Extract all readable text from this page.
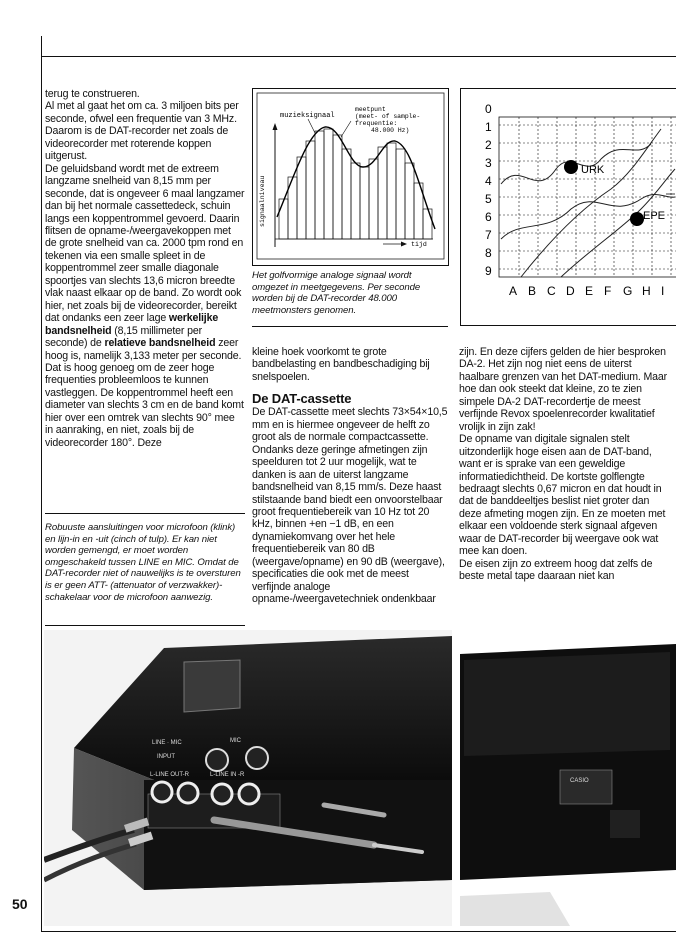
terug te construeren.

Al met al gaat het om ca. 3 miljoen bits per seconde, ofwel een frequentie van 3 MHz. Daarom is de DAT-recorder net zoals de videorecorder met roterende koppen uitgerust.

De geluidsband wordt met de extreem langzame snelheid van 8,15 mm per seconde, dat is ongeveer 6 maal langzamer dan bij het normale cassettedeck, schuin langs een koppentrommel gevoerd. Daarin flitsen de opname-/weergavekoppen met de grote snelheid van ca. 2000 tpm rond en tekenen via een smalle spleet in de koppentrommel zeer smalle diagonale spoortjes van slechts 13,6 micron breedte vlak naast elkaar op de band. Zo wordt ook hier, net zoals bij de videorecorder, bereikt dat ondanks een zeer lage werkelijke bandsnelheid (8,15 millimeter per seconde) de relatieve bandsnelheid zeer hoog is, namelijk 3,133 meter per seconde. Dat is hoog genoeg om de zeer hoge frequenties probleemloos te kunnen vastleggen. De koppentrommel heeft een diameter van slechts 3 cm en de band komt hier over een omtrek van slechts 90° mee in aanraking, en niet, zoals bij de videorecorder 180°. Deze

Robuuste aansluitingen voor microfoon (klink) en lijn-in en -uit (cinch of tulp). Er kan niet worden gemengd, er moet worden omgeschakeld tussen LINE en MIC. Omdat de DAT-recorder niet of nauwelijks is te oversturen is er geen ATT- (attenuator of verzwakker)-schakelaar voor de microfoon aanwezig.
muzieksignaal
meetpunt (meet- of sample- frequentie: 48.000 Hz)
signaalniveau
tijd
Het golfvormige analoge signaal wordt omgezet in meetgegevens. Per seconde worden bij de DAT-recorder 48.000 meetmonsters genomen.

kleine hoek voorkomt te grote bandbelasting en bandbeschadiging bij snelspoelen.

De DAT-cassette

De DAT-cassette meet slechts 73×54×10,5 mm en is hiermee ongeveer de helft zo groot als de normale compactcassette. Ondanks deze geringe afmetingen zijn speelduren tot 2 uur mogelijk, wat te danken is aan de uiterst langzame bandsnelheid van 8,15 mm/s. Deze haast stilstaande band biedt een onvoorstelbaar groot frequentiebereik van 10 Hz tot 20 kHz, binnen +en −1 dB, en een dynamiekomvang over het hele frequentiebereik van 80 dB (weergave/opname) en 90 dB (weergave), specificaties die ook met de meest verfijnde analoge opname-/weergavetechniek ondenkbaar

0
1
2
3
4
5
6
7
8
9
URK
EPE
A B C D E F G H I

zijn. En deze cijfers gelden de hier besproken DA-2. Het zijn nog niet eens de uiterst haalbare grenzen van het DAT-medium. Maar hoe dan ook steekt dat kleine, zo te zien simpele DA-2 DAT-recordertje de meest verfijnde Revox spoelenrecorder kwalitatief vrolijk in zijn zak!

De opname van digitale signalen stelt uitzonderlijk hoge eisen aan de DAT-band, want er is sprake van een geweldige informatiedichtheid. De kortste golflengte bedraagt slechts 0,67 micron en dat houdt in dat de banddeeltjes beslist niet groter dan deze afmeting mogen zijn. En ze moeten met elkaar een voldoende sterk signaal afgeven waar de DAT-recorder bij weergave ook wat mee kan doen.

De eisen zijn zo extreem hoog dat zelfs de beste metal tape daaraan niet kan

LINE · MIC
INPUT
MIC
L-LINE OUT-R	L-LINE IN -R
CASIO
50
